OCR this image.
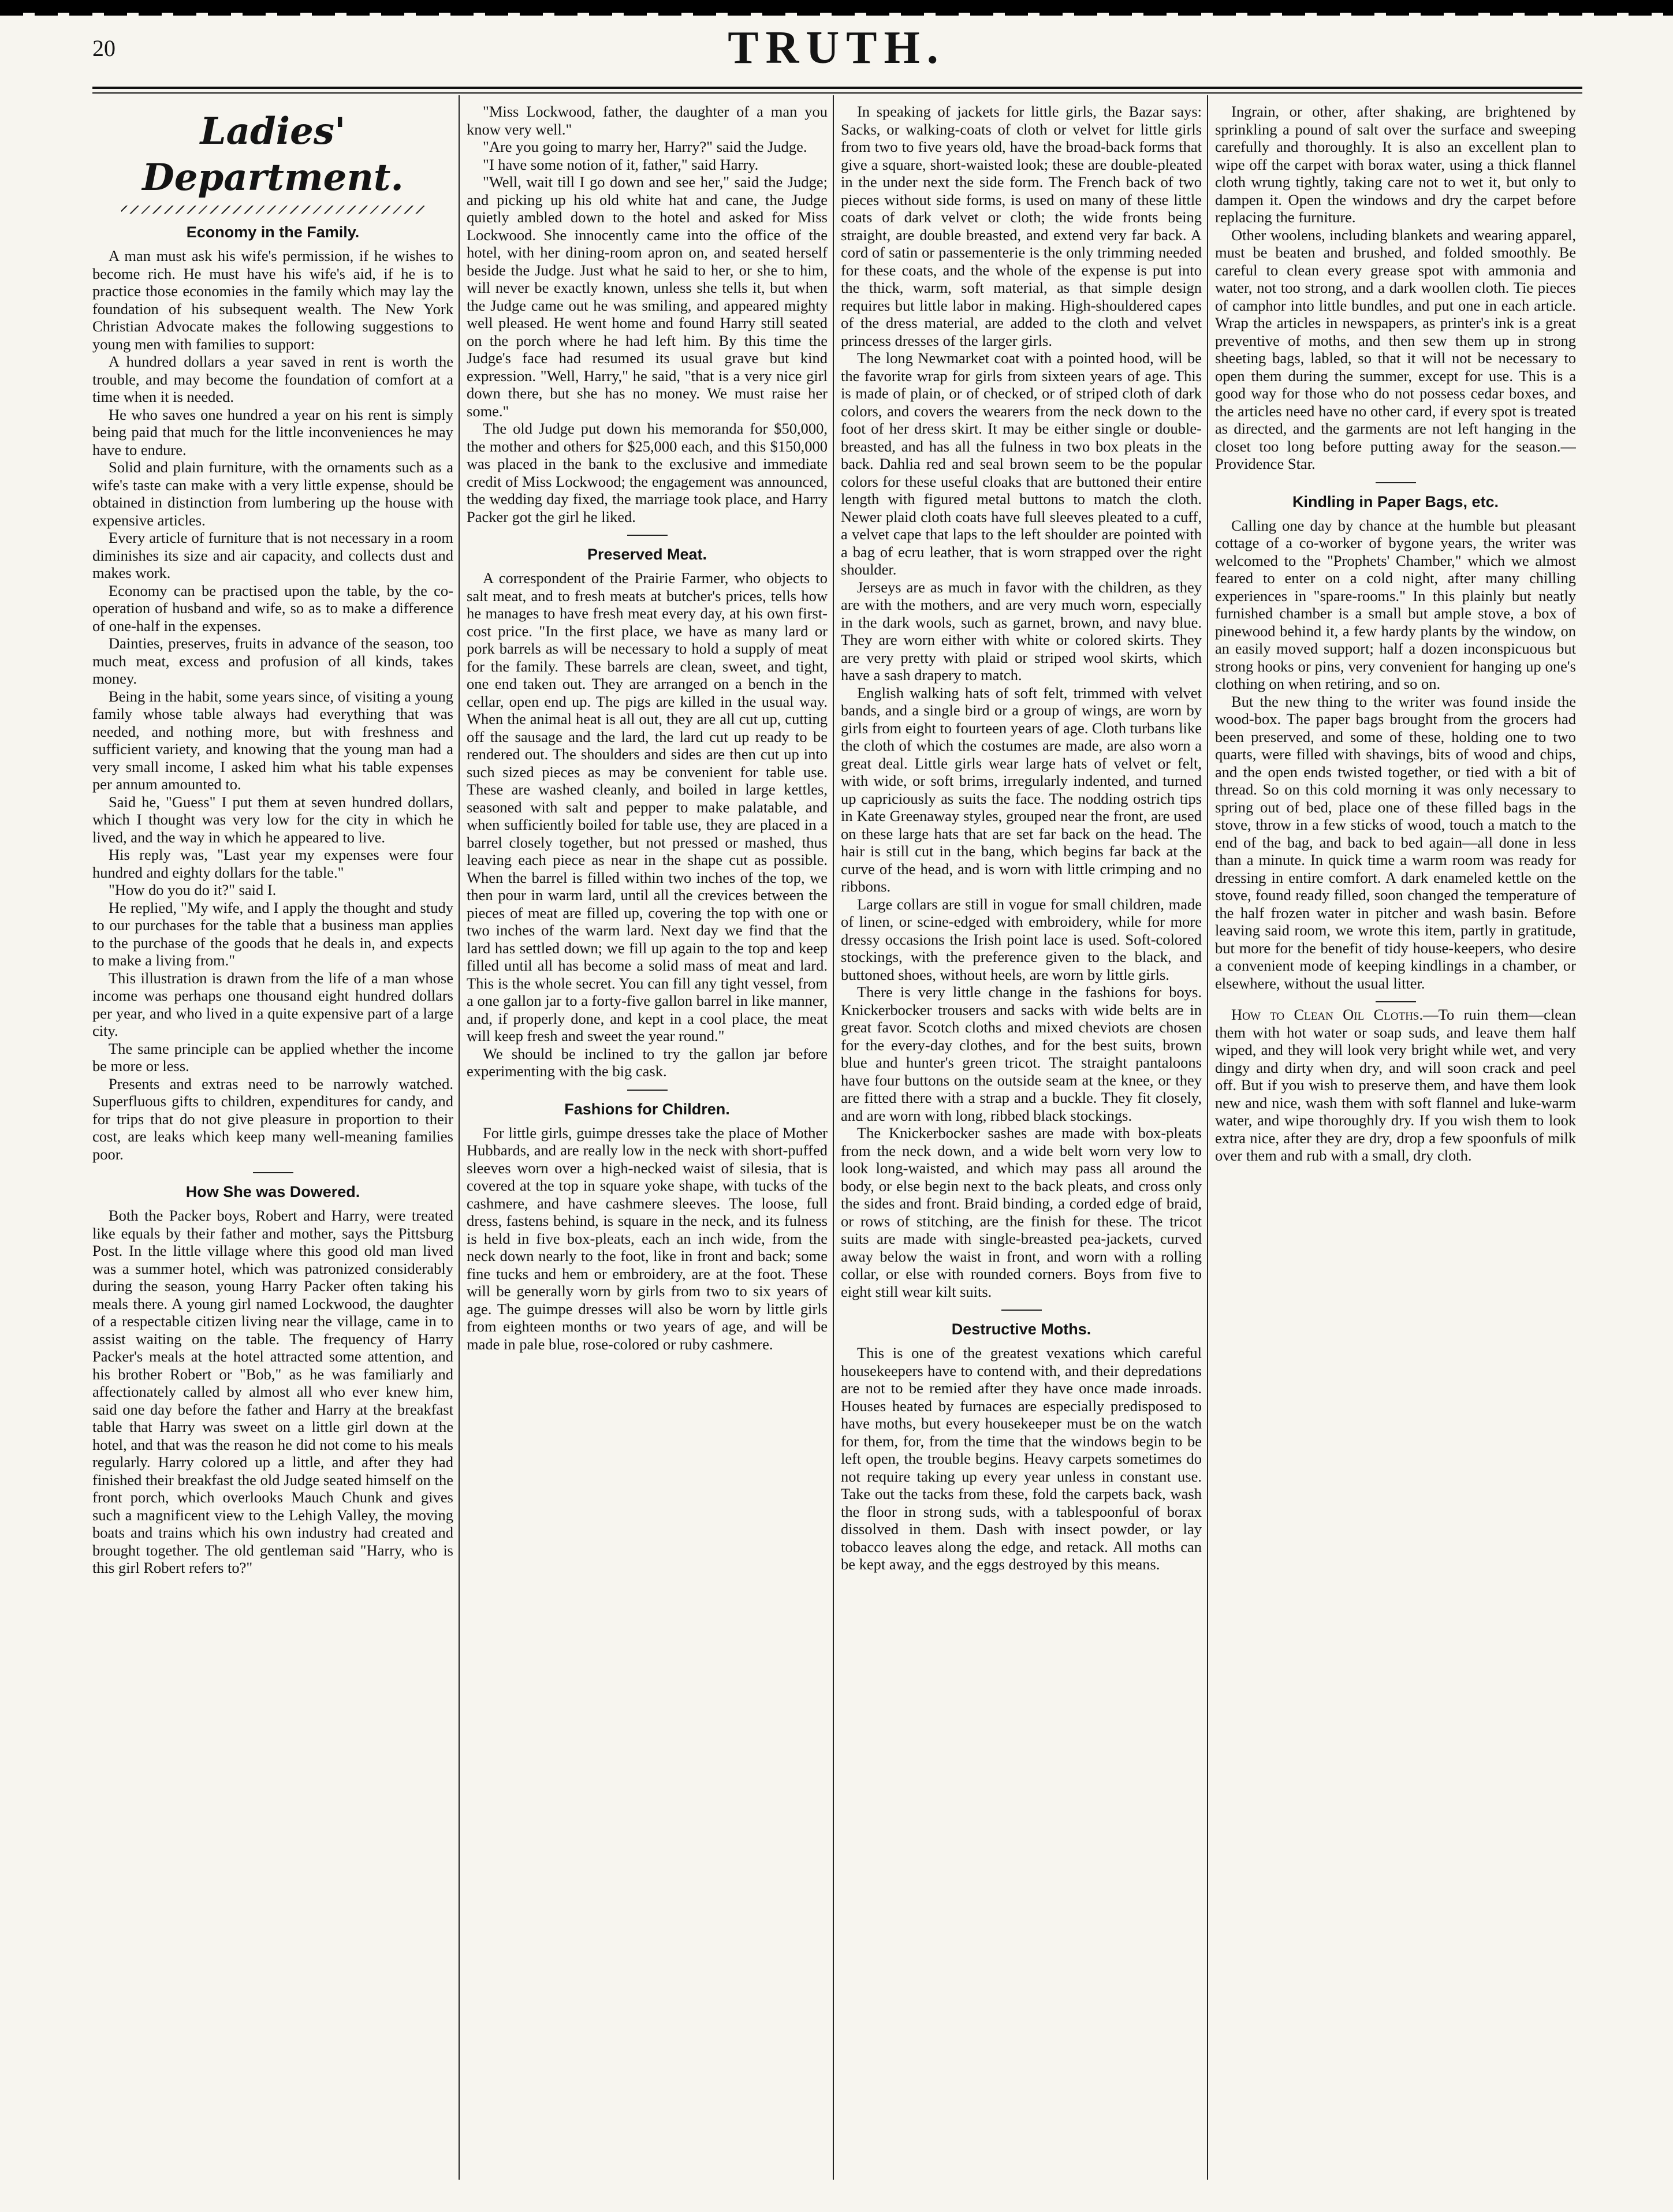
20	TRUTH.
Ladies' Department.
Economy in the Family.

A man must ask his wife's permission, if he wishes to become rich. He must have his wife's aid, if he is to practice those economies in the family which may lay the foundation of his subsequent wealth. The New York Christian Advocate makes the following suggestions to young men with families to support:

A hundred dollars a year saved in rent is worth the trouble, and may become the foundation of comfort at a time when it is needed.

He who saves one hundred a year on his rent is simply being paid that much for the little inconveniences he may have to endure.

Solid and plain furniture, with the ornaments such as a wife's taste can make with a very little expense, should be obtained in distinction from lumbering up the house with expensive articles.

Every article of furniture that is not necessary in a room diminishes its size and air capacity, and collects dust and makes work.

Economy can be practised upon the table, by the co-operation of husband and wife, so as to make a difference of one-half in the expenses.

Dainties, preserves, fruits in advance of the season, too much meat, excess and profusion of all kinds, takes money.

Being in the habit, some years since, of visiting a young family whose table always had everything that was needed, and nothing more, but with freshness and sufficient variety, and knowing that the young man had a very small income, I asked him what his table expenses per annum amounted to.

Said he, "Guess" I put them at seven hundred dollars, which I thought was very low for the city in which he lived, and the way in which he appeared to live.

His reply was, "Last year my expenses were four hundred and eighty dollars for the table."

"How do you do it?" said I.

He replied, "My wife, and I apply the thought and study to our purchases for the table that a business man applies to the purchase of the goods that he deals in, and expects to make a living from."

This illustration is drawn from the life of a man whose income was perhaps one thousand eight hundred dollars per year, and who lived in a quite expensive part of a large city.

The same principle can be applied whether the income be more or less.

Presents and extras need to be narrowly watched. Superfluous gifts to children, expenditures for candy, and for trips that do not give pleasure in proportion to their cost, are leaks which keep many well-meaning families poor.

How She was Dowered.

Both the Packer boys, Robert and Harry, were treated like equals by their father and mother, says the Pittsburg Post. In the little village where this good old man lived was a summer hotel, which was patronized considerably during the season, young Harry Packer often taking his meals there. A young girl named Lockwood, the daughter of a respectable citizen living near the village, came in to assist waiting on the table. The frequency of Harry Packer's meals at the hotel attracted some attention, and his brother Robert or "Bob," as he was familiarly and affectionately called by almost all who ever knew him, said one day before the father and Harry at the breakfast table that Harry was sweet on a little girl down at the hotel, and that was the reason he did not come to his meals regularly. Harry colored up a little, and after they had finished their breakfast the old Judge seated himself on the front porch, which overlooks Mauch Chunk and gives such a magnificent view to the Lehigh Valley, the moving boats and trains which his own industry had created and brought together. The old gentleman said "Harry, who is this girl Robert refers to?"

"Miss Lockwood, father, the daughter of a man you know very well."

"Are you going to marry her, Harry?" said the Judge.

"I have some notion of it, father," said Harry.

"Well, wait till I go down and see her," said the Judge; and picking up his old white hat and cane, the Judge quietly ambled down to the hotel and asked for Miss Lockwood. She innocently came into the office of the hotel, with her dining-room apron on, and seated herself beside the Judge. Just what he said to her, or she to him, will never be exactly known, unless she tells it, but when the Judge came out he was smiling, and appeared mighty well pleased. He went home and found Harry still seated on the porch where he had left him. By this time the Judge's face had resumed its usual grave but kind expression. "Well, Harry," he said, "that is a very nice girl down there, but she has no money. We must raise her some."

The old Judge put down his memoranda for $50,000, the mother and others for $25,000 each, and this $150,000 was placed in the bank to the exclusive and immediate credit of Miss Lockwood; the engagement was announced, the wedding day fixed, the marriage took place, and Harry Packer got the girl he liked.

Preserved Meat.

A correspondent of the Prairie Farmer, who objects to salt meat, and to fresh meats at butcher's prices, tells how he manages to have fresh meat every day, at his own first-cost price. "In the first place, we have as many lard or pork barrels as will be necessary to hold a supply of meat for the family. These barrels are clean, sweet, and tight, one end taken out. They are arranged on a bench in the cellar, open end up. The pigs are killed in the usual way. When the animal heat is all out, they are all cut up, cutting off the sausage and the lard, the lard cut up ready to be rendered out. The shoulders and sides are then cut up into such sized pieces as may be convenient for table use. These are washed cleanly, and boiled in large kettles, seasoned with salt and pepper to make palatable, and when sufficiently boiled for table use, they are placed in a barrel closely together, but not pressed or mashed, thus leaving each piece as near in the shape cut as possible. When the barrel is filled within two inches of the top, we then pour in warm lard, until all the crevices between the pieces of meat are filled up, covering the top with one or two inches of the warm lard. Next day we find that the lard has settled down; we fill up again to the top and keep filled until all has become a solid mass of meat and lard. This is the whole secret. You can fill any tight vessel, from a one gallon jar to a forty-five gallon barrel in like manner, and, if properly done, and kept in a cool place, the meat will keep fresh and sweet the year round."

We should be inclined to try the gallon jar before experimenting with the big cask.

Fashions for Children.

For little girls, guimpe dresses take the place of Mother Hubbards, and are really low in the neck with short-puffed sleeves worn over a high-necked waist of silesia, that is covered at the top in square yoke shape, with tucks of the cashmere, and have cashmere sleeves. The loose, full dress, fastens behind, is square in the neck, and its fulness is held in five box-pleats, each an inch wide, from the neck down nearly to the foot, like in front and back; some fine tucks and hem or embroidery, are at the foot. These will be generally worn by girls from two to six years of age. The guimpe dresses will also be worn by little girls from eighteen months or two years of age, and will be made in pale blue, rose-colored or ruby cashmere.

In speaking of jackets for little girls, the Bazar says: Sacks, or walking-coats of cloth or velvet for little girls from two to five years old, have the broad-back forms that give a square, short-waisted look; these are double-pleated in the under next the side form. The French back of two pieces without side forms, is used on many of these little coats of dark velvet or cloth; the wide fronts being straight, are double breasted, and extend very far back. A cord of satin or passementerie is the only trimming needed for these coats, and the whole of the expense is put into the thick, warm, soft material, as that simple design requires but little labor in making. High-shouldered capes of the dress material, are added to the cloth and velvet princess dresses of the larger girls.

The long Newmarket coat with a pointed hood, will be the favorite wrap for girls from sixteen years of age. This is made of plain, or of checked, or of striped cloth of dark colors, and covers the wearers from the neck down to the foot of her dress skirt. It may be either single or double-breasted, and has all the fulness in two box pleats in the back. Dahlia red and seal brown seem to be the popular colors for these useful cloaks that are buttoned their entire length with figured metal buttons to match the cloth. Newer plaid cloth coats have full sleeves pleated to a cuff, a velvet cape that laps to the left shoulder are pointed with a bag of ecru leather, that is worn strapped over the right shoulder.

Jerseys are as much in favor with the children, as they are with the mothers, and are very much worn, especially in the dark wools, such as garnet, brown, and navy blue. They are worn either with white or colored skirts. They are very pretty with plaid or striped wool skirts, which have a sash drapery to match.

English walking hats of soft felt, trimmed with velvet bands, and a single bird or a group of wings, are worn by girls from eight to fourteen years of age. Cloth turbans like the cloth of which the costumes are made, are also worn a great deal. Little girls wear large hats of velvet or felt, with wide, or soft brims, irregularly indented, and turned up capriciously as suits the face. The nodding ostrich tips in Kate Greenaway styles, grouped near the front, are used on these large hats that are set far back on the head. The hair is still cut in the bang, which begins far back at the curve of the head, and is worn with little crimping and no ribbons.

Large collars are still in vogue for small children, made of linen, or scine-edged with embroidery, while for more dressy occasions the Irish point lace is used. Soft-colored stockings, with the preference given to the black, and buttoned shoes, without heels, are worn by little girls.

There is very little change in the fashions for boys. Knickerbocker trousers and sacks with wide belts are in great favor. Scotch cloths and mixed cheviots are chosen for the every-day clothes, and for the best suits, brown blue and hunter's green tricot. The straight pantaloons have four buttons on the outside seam at the knee, or they are fitted there with a strap and a buckle. They fit closely, and are worn with long, ribbed black stockings.

The Knickerbocker sashes are made with box-pleats from the neck down, and a wide belt worn very low to look long-waisted, and which may pass all around the body, or else begin next to the back pleats, and cross only the sides and front. Braid binding, a corded edge of braid, or rows of stitching, are the finish for these. The tricot suits are made with single-breasted pea-jackets, curved away below the waist in front, and worn with a rolling collar, or else with rounded corners. Boys from five to eight still wear kilt suits.

Destructive Moths.

This is one of the greatest vexations which careful housekeepers have to contend with, and their depredations are not to be remied after they have once made inroads. Houses heated by furnaces are especially predisposed to have moths, but every housekeeper must be on the watch for them, for, from the time that the windows begin to be left open, the trouble begins. Heavy carpets sometimes do not require taking up every year unless in constant use. Take out the tacks from these, fold the carpets back, wash the floor in strong suds, with a tablespoonful of borax dissolved in them. Dash with insect powder, or lay tobacco leaves along the edge, and retack. All moths can be kept away, and the eggs destroyed by this means.

Ingrain, or other, after shaking, are brightened by sprinkling a pound of salt over the surface and sweeping carefully and thoroughly. It is also an excellent plan to wipe off the carpet with borax water, using a thick flannel cloth wrung tightly, taking care not to wet it, but only to dampen it. Open the windows and dry the carpet before replacing the furniture.

Other woolens, including blankets and wearing apparel, must be beaten and brushed, and folded smoothly. Be careful to clean every grease spot with ammonia and water, not too strong, and a dark woollen cloth. Tie pieces of camphor into little bundles, and put one in each article. Wrap the articles in newspapers, as printer's ink is a great preventive of moths, and then sew them up in strong sheeting bags, labled, so that it will not be necessary to open them during the summer, except for use. This is a good way for those who do not possess cedar boxes, and the articles need have no other card, if every spot is treated as directed, and the garments are not left hanging in the closet too long before putting away for the season.—Providence Star.

Kindling in Paper Bags, etc.

Calling one day by chance at the humble but pleasant cottage of a co-worker of bygone years, the writer was welcomed to the "Prophets' Chamber," which we almost feared to enter on a cold night, after many chilling experiences in "spare-rooms." In this plainly but neatly furnished chamber is a small but ample stove, a box of pinewood behind it, a few hardy plants by the window, on an easily moved support; half a dozen inconspicuous but strong hooks or pins, very convenient for hanging up one's clothing on when retiring, and so on.

But the new thing to the writer was found inside the wood-box. The paper bags brought from the grocers had been preserved, and some of these, holding one to two quarts, were filled with shavings, bits of wood and chips, and the open ends twisted together, or tied with a bit of thread. So on this cold morning it was only necessary to spring out of bed, place one of these filled bags in the stove, throw in a few sticks of wood, touch a match to the end of the bag, and back to bed again—all done in less than a minute. In quick time a warm room was ready for dressing in entire comfort. A dark enameled kettle on the stove, found ready filled, soon changed the temperature of the half frozen water in pitcher and wash basin. Before leaving said room, we wrote this item, partly in gratitude, but more for the benefit of tidy house-keepers, who desire a convenient mode of keeping kindlings in a chamber, or elsewhere, without the usual litter.

How to Clean Oil Cloths.—To ruin them—clean them with hot water or soap suds, and leave them half wiped, and they will look very bright while wet, and very dingy and dirty when dry, and will soon crack and peel off. But if you wish to preserve them, and have them look new and nice, wash them with soft flannel and luke-warm water, and wipe thoroughly dry. If you wish them to look extra nice, after they are dry, drop a few spoonfuls of milk over them and rub with a small, dry cloth.
